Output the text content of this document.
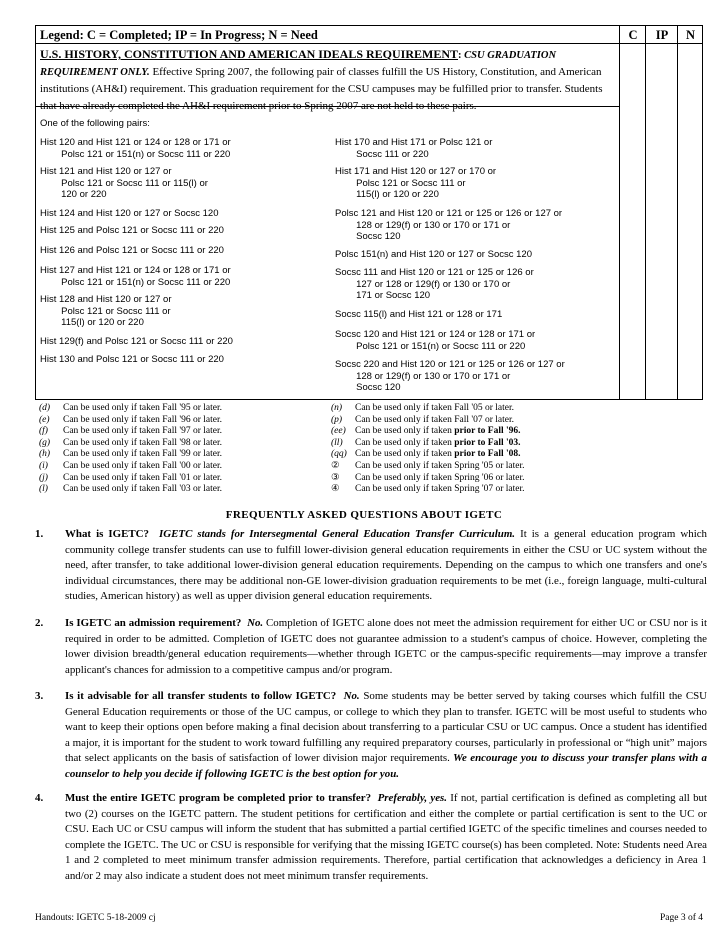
Legend: C = Completed; IP = In Progress; N = Need	C	IP	N
U.S. HISTORY, CONSTITUTION AND AMERICAN IDEALS REQUIREMENT: CSU GRADUATION REQUIREMENT ONLY. Effective Spring 2007, the following pair of classes fulfill the US History, Constitution, and American institutions (AH&I) requirement. This graduation requirement for the CSU campuses may be fulfilled prior to transfer. Students that have already completed the AH&I requirement prior to Spring 2007 are not held to these pairs.
One of the following pairs:
Hist 120 and Hist 121 or 124 or 128 or 171 or
Polsc 121 or 151(n) or Socsc 111 or 220
Hist 121 and Hist 120 or 127 or
Polsc 121 or Socsc 111 or 115(l) or
120 or 220
Hist 124 and Hist 120 or 127 or Socsc 120
Hist 125 and Polsc 121 or Socsc 111 or 220
Hist 126 and Polsc 121 or Socsc 111 or 220
Hist 127 and Hist 121 or 124 or 128 or 171 or
Polsc 121 or 151(n) or Socsc 111 or 220
Hist 128 and Hist 120 or 127 or
Polsc 121 or Socsc 111 or
115(l) or 120 or 220
Hist 129(f) and Polsc 121 or Socsc 111 or 220
Hist 130 and Polsc 121 or Socsc 111 or 220
Hist 170 and Hist 171 or Polsc 121 or
Socsc 111 or 220
Hist 171 and Hist 120 or 127 or 170 or
Polsc 121 or Socsc 111 or
115(l) or 120 or 220
Polsc 121 and Hist 120 or 121 or 125 or 126 or 127 or
128 or 129(f) or 130 or 170 or 171 or
Socsc 120
Polsc 151(n) and Hist 120 or 127 or Socsc 120
Socsc 111 and Hist 120 or 121 or 125 or 126 or
127 or 128 or 129(f) or 130 or 170 or
171 or Socsc 120
Socsc 115(l) and Hist 121 or 128 or 171
Socsc 120 and Hist 121 or 124 or 128 or 171 or
Polsc 121 or 151(n) or Socsc 111 or 220
Socsc 220 and Hist 120 or 121 or 125 or 126 or 127 or
128 or 129(f) or 130 or 170 or 171 or
Socsc 120
(d) Can be used only if taken Fall '95 or later.
(e) Can be used only if taken Fall '96 or later.
(f) Can be used only if taken Fall '97 or later.
(g) Can be used only if taken Fall '98 or later.
(h) Can be used only if taken Fall '99 or later.
(i) Can be used only if taken Fall '00 or later.
(j) Can be used only if taken Fall '01 or later.
(l) Can be used only if taken Fall '03 or later.
(n) Can be used only if taken Fall '05 or later.
(p) Can be used only if taken Fall '07 or later.
(ee) Can be used only if taken prior to Fall '96.
(ll) Can be used only if taken prior to Fall '03.
(qq) Can be used only if taken prior to Fall '08.
② Can be used only if taken Spring '05 or later.
③ Can be used only if taken Spring '06 or later.
④ Can be used only if taken Spring '07 or later.
FREQUENTLY ASKED QUESTIONS ABOUT IGETC
1. What is IGETC? IGETC stands for Intersegmental General Education Transfer Curriculum. It is a general education program which community college transfer students can use to fulfill lower-division general education requirements in either the CSU or UC system without the need, after transfer, to take additional lower-division general education requirements. Depending on the campus to which one transfers and one's individual circumstances, there may be additional non-GE lower-division graduation requirements to be met (i.e., foreign language, multi-cultural studies, American history) as well as upper division general education requirements.
2. Is IGETC an admission requirement? No. Completion of IGETC alone does not meet the admission requirement for either UC or CSU nor is it required in order to be admitted. Completion of IGETC does not guarantee admission to a student's campus of choice. However, completing the lower division breadth/general education requirements—whether through IGETC or the campus-specific requirements—may improve a transfer applicant's chances for admission to a competitive campus and/or program.
3. Is it advisable for all transfer students to follow IGETC? No. Some students may be better served by taking courses which fulfill the CSU General Education requirements or those of the UC campus, or college to which they plan to transfer. IGETC will be most useful to students who want to keep their options open before making a final decision about transferring to a particular CSU or UC campus. Once a student has identified a major, it is important for the student to work toward fulfilling any required preparatory courses, particularly in professional or “high unit” majors that select applicants on the basis of satisfaction of lower division major requirements. We encourage you to discuss your transfer plans with a counselor to help you decide if following IGETC is the best option for you.
4. Must the entire IGETC program be completed prior to transfer? Preferably, yes. If not, partial certification is defined as completing all but two (2) courses on the IGETC pattern. The student petitions for certification and either the complete or partial certification is sent to the UC or CSU. Each UC or CSU campus will inform the student that has submitted a partial certified IGETC of the specific timelines and courses needed to complete the IGETC. The UC or CSU is responsible for verifying that the missing IGETC course(s) has been completed. Note: Students need Area 1 and 2 completed to meet minimum transfer admission requirements. Therefore, partial certification that acknowledges a deficiency in Area 1 and/or 2 may also indicate a student does not meet minimum transfer requirements.
Handouts: IGETC 5-18-2009 cj	Page 3 of 4
